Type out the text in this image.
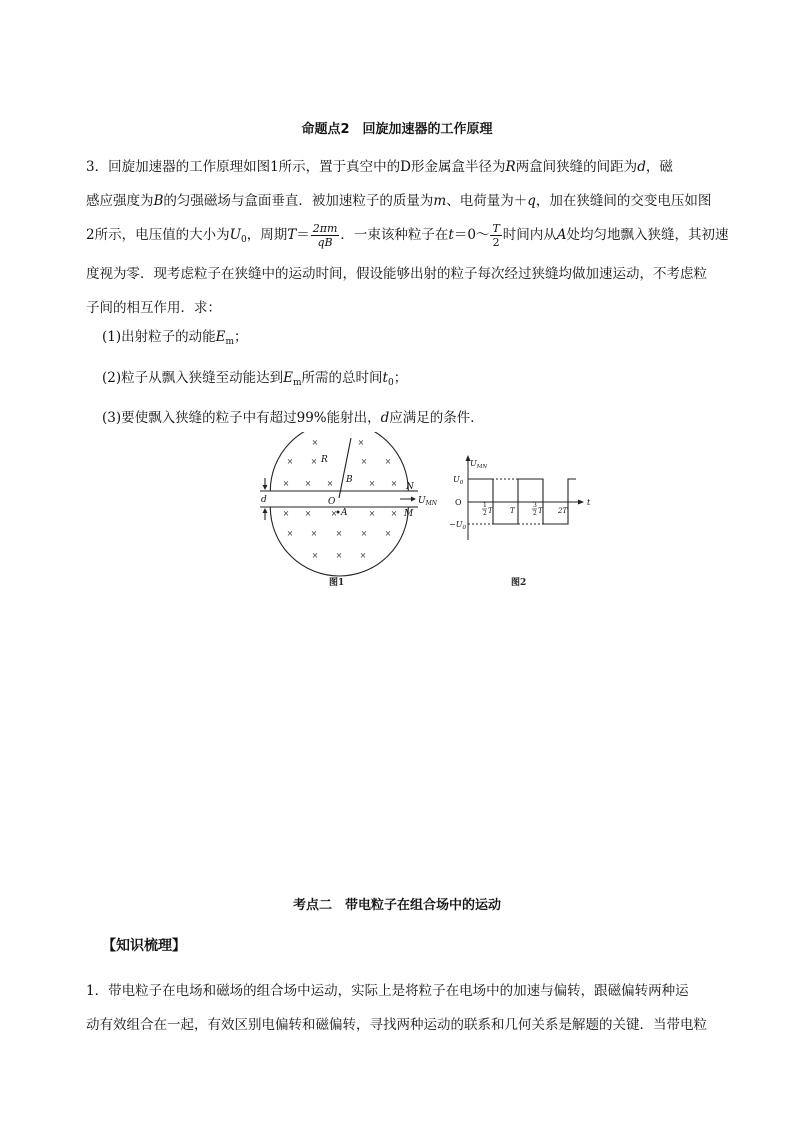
命题点2　回旋加速器的工作原理
3．回旋加速器的工作原理如图1所示，置于真空中的D形金属盒半径为R两盒间狭缝的间距为d，磁
感应强度为B的匀强磁场与盒面垂直．被加速粒子的质量为m、电荷量为＋q，加在狭缝间的交变电压如图
2所示，电压值的大小为$U_0$，周期$T= \frac{2\pi m}{qB}$ ．一束该种粒子在t＝0～ $\frac{T}{2}$ 时间内从A处均匀地飘入狭缝，其初速
度视为零．现考虑粒子在狭缝中的运动时间，假设能够出射的粒子每次经过狭缝均做加速运动，不考虑粒
子间的相互作用．求：
(1)出射粒子的动能$E_m$；
(2)粒子从飘入狭缝至动能达到$E_m$所需的总时间$t_0$；
(3)要使飘入狭缝的粒子中有超过99%能射出，d应满足的条件．
×	×
× ×	× ×
× × ×	× ×
× × ×	× ×
× × × × ×
× × ×
R
B
O
A
N
M
d	$U_{MN}$
图1
$U_{MN}$
$U_0$
O
$-U_0$
1
2 T T
3
2 T 2T
t
图2
考点二　带电粒子在组合场中的运动
【知识梳理】
1．带电粒子在电场和磁场的组合场中运动，实际上是将粒子在电场中的加速与偏转，跟磁偏转两种运
动有效组合在一起，有效区别电偏转和磁偏转，寻找两种运动的联系和几何关系是解题的关键．当带电粒
